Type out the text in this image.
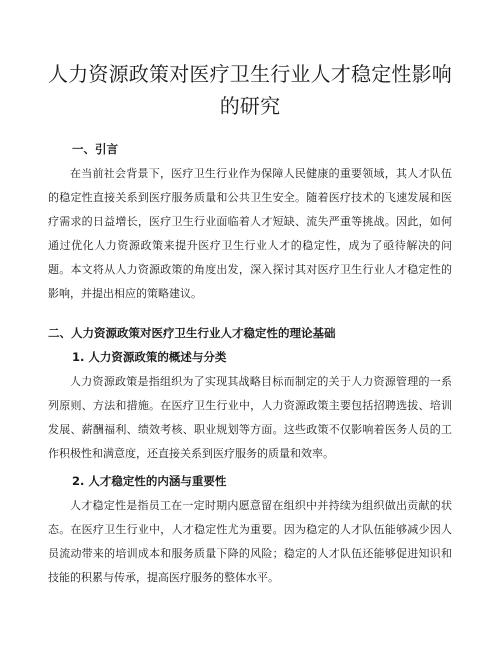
人力资源政策对医疗卫生行业人才稳定性影响的研究
一、引言

在当前社会背景下，医疗卫生行业作为保障人民健康的重要领域，其人才队伍的稳定性直接关系到医疗服务质量和公共卫生安全。随着医疗技术的飞速发展和医疗需求的日益增长，医疗卫生行业面临着人才短缺、流失严重等挑战。因此，如何通过优化人力资源政策来提升医疗卫生行业人才的稳定性，成为了亟待解决的问题。本文将从人力资源政策的角度出发，深入探讨其对医疗卫生行业人才稳定性的影响，并提出相应的策略建议。

二、人力资源政策对医疗卫生行业人才稳定性的理论基础
1. 人力资源政策的概述与分类

人力资源政策是指组织为了实现其战略目标而制定的关于人力资源管理的一系列原则、方法和措施。在医疗卫生行业中，人力资源政策主要包括招聘选拔、培训发展、薪酬福利、绩效考核、职业规划等方面。这些政策不仅影响着医务人员的工作积极性和满意度，还直接关系到医疗服务的质量和效率。

2. 人才稳定性的内涵与重要性

人才稳定性是指员工在一定时期内愿意留在组织中并持续为组织做出贡献的状态。在医疗卫生行业中，人才稳定性尤为重要。因为稳定的人才队伍能够减少因人员流动带来的培训成本和服务质量下降的风险；稳定的人才队伍还能够促进知识和技能的积累与传承，提高医疗服务的整体水平。
